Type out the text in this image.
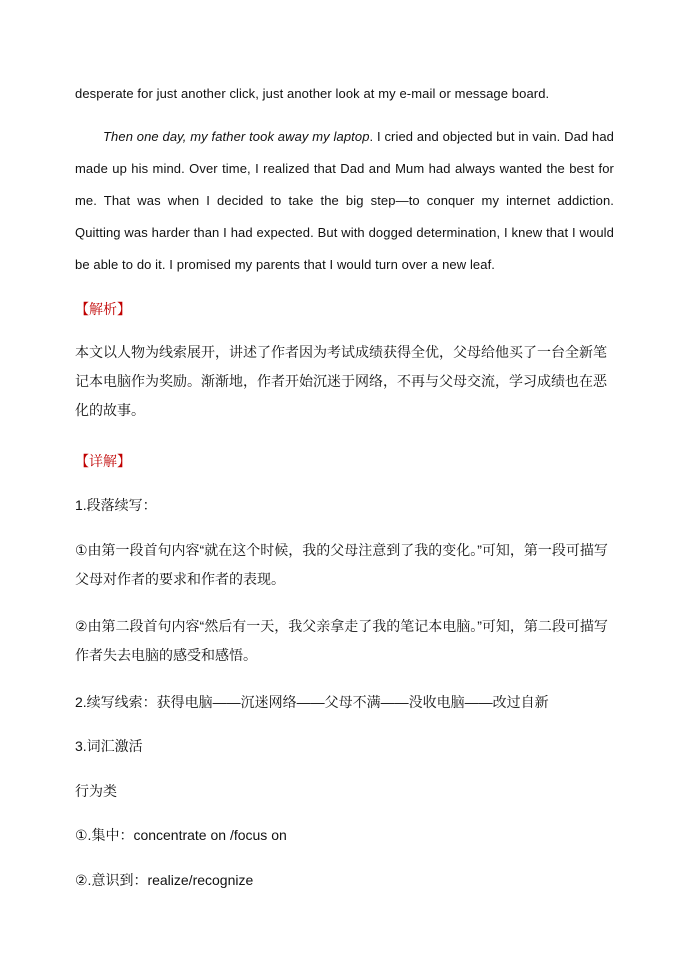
desperate for just another click, just another look at my e-mail or message board.

Then one day, my father took away my laptop. I cried and objected but in vain. Dad had made up his mind. Over time, I realized that Dad and Mum had always wanted the best for me. That was when I decided to take the big step—to conquer my internet addiction. Quitting was harder than I had expected. But with dogged determination, I knew that I would be able to do it. I promised my parents that I would turn over a new leaf.

【解析】

本文以人物为线索展开，讲述了作者因为考试成绩获得全优，父母给他买了一台全新笔记本电脑作为奖励。渐渐地，作者开始沉迷于网络，不再与父母交流，学习成绩也在恶化的故事。

【详解】

1.段落续写：

①由第一段首句内容“就在这个时候，我的父母注意到了我的变化。”可知，第一段可描写父母对作者的要求和作者的表现。

②由第二段首句内容“然后有一天，我父亲拿走了我的笔记本电脑。”可知，第二段可描写作者失去电脑的感受和感悟。

2.续写线索：获得电脑——沉迷网络——父母不满——没收电脑——改过自新

3.词汇激活

行为类

①.集中：concentrate on /focus on

②.意识到：realize/recognize
